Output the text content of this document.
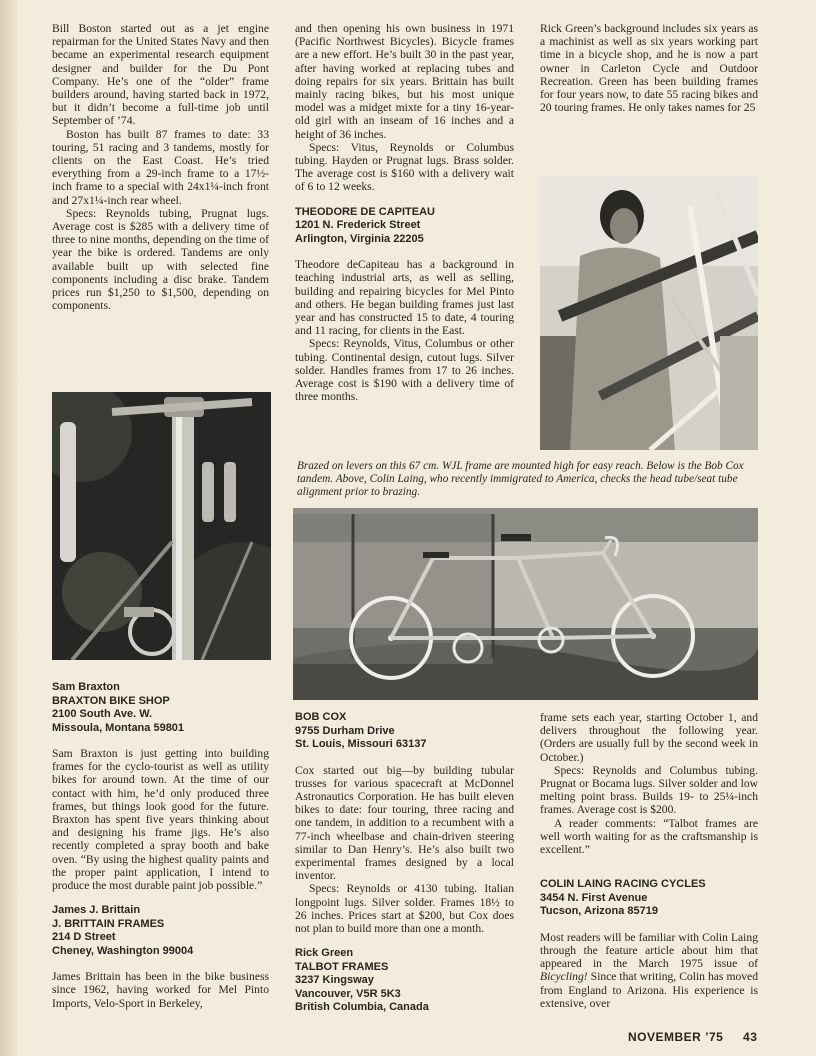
Bill Boston started out as a jet engine repairman for the United States Navy and then became an experimental research equipment designer and builder for the Du Pont Company. He’s one of the “older” frame builders around, having started back in 1972, but it didn’t become a full-time job until September of ’74.

Boston has built 87 frames to date: 33 touring, 51 racing and 3 tandems, mostly for clients on the East Coast. He’s tried everything from a 29-inch frame to a 17½-inch frame to a special with 24x1¼-inch front and 27x1¼-inch rear wheel.

Specs: Reynolds tubing, Prugnat lugs. Average cost is $285 with a delivery time of three to nine months, depending on the time of year the bike is ordered. Tandems are only available built up with selected fine components including a disc brake. Tandem prices run $1,250 to $1,500, depending on components.

and then opening his own business in 1971 (Pacific Northwest Bicycles). Bicycle frames are a new effort. He’s built 30 in the past year, after having worked at replacing tubes and doing repairs for six years. Brittain has built mainly racing bikes, but his most unique model was a midget mixte for a tiny 16-year-old girl with an inseam of 16 inches and a height of 36 inches.

Specs: Vitus, Reynolds or Columbus tubing. Hayden or Prugnat lugs. Brass solder. The average cost is $160 with a delivery wait of 6 to 12 weeks.

THEODORE DE CAPITEAU
1201 N. Frederick Street
Arlington, Virginia 22205

Theodore deCapiteau has a background in teaching industrial arts, as well as selling, building and repairing bicycles for Mel Pinto and others. He began building frames just last year and has constructed 15 to date, 4 touring and 11 racing, for clients in the East.

Specs: Reynolds, Vitus, Columbus or other tubing. Continental design, cutout lugs. Silver solder. Handles frames from 17 to 26 inches. Average cost is $190 with a delivery time of three months.

Rick Green’s background includes six years as a machinist as well as six years working part time in a bicycle shop, and he is now a part owner in Carleton Cycle and Outdoor Recreation. Green has been building frames for four years now, to date 55 racing bikes and 20 touring frames. He only takes names for 25

Brazed on levers on this 67 cm. WJL frame are mounted high for easy reach. Below is the Bob Cox tandem. Above, Colin Laing, who recently immigrated to America, checks the head tube/seat tube alignment prior to brazing.
Sam Braxton
BRAXTON BIKE SHOP
2100 South Ave. W.
Missoula, Montana 59801

Sam Braxton is just getting into building frames for the cyclo-tourist as well as utility bikes for around town. At the time of our contact with him, he’d only produced three frames, but things look good for the future. Braxton has spent five years thinking about and designing his frame jigs. He’s also recently completed a spray booth and bake oven. “By using the highest quality paints and the proper paint application, I intend to produce the most durable paint job possible.”

James J. Brittain
J. BRITTAIN FRAMES
214 D Street
Cheney, Washington 99004

James Brittain has been in the bike business since 1962, having worked for Mel Pinto Imports, Velo-Sport in Berkeley,

BOB COX
9755 Durham Drive
St. Louis, Missouri 63137

Cox started out big—by building tubular trusses for various spacecraft at McDonnel Astronautics Corporation. He has built eleven bikes to date: four touring, three racing and one tandem, in addition to a recumbent with a 77-inch wheelbase and chain-driven steering similar to Dan Henry’s. He’s also built two experimental frames designed by a local inventor.

Specs: Reynolds or 4130 tubing. Italian longpoint lugs. Silver solder. Frames 18½ to 26 inches. Prices start at $200, but Cox does not plan to build more than one a month.

Rick Green
TALBOT FRAMES
3237 Kingsway
Vancouver, V5R 5K3
British Columbia, Canada

frame sets each year, starting October 1, and delivers throughout the following year. (Orders are usually full by the second week in October.)

Specs: Reynolds and Columbus tubing. Prugnat or Bocama lugs. Silver solder and low melting point brass. Builds 19- to 25¼-inch frames. Average cost is $200.

A reader comments: “Talbot frames are well worth waiting for as the craftsmanship is excellent.”

COLIN LAING RACING CYCLES
3454 N. First Avenue
Tucson, Arizona 85719

Most readers will be familiar with Colin Laing through the feature article about him that appeared in the March 1975 issue of Bicycling! Since that writing, Colin has moved from England to Arizona. His experience is extensive, over

NOVEMBER ’75 43
